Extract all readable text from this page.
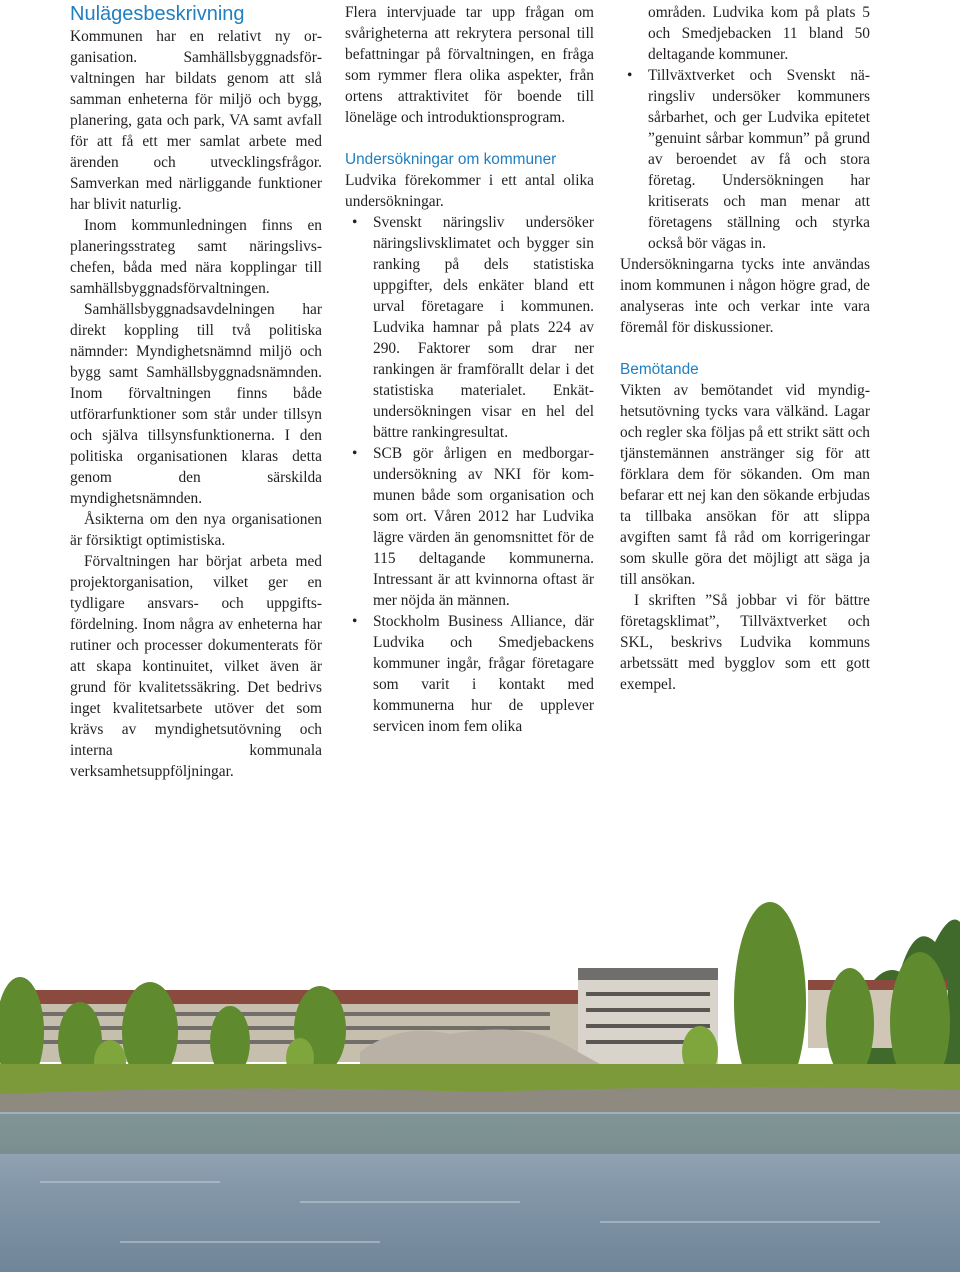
Nulägesbeskrivning

Kommunen har en relativt ny organisation. Samhällsbyggnadsförvaltningen har bildats genom att slå samman enheterna för miljö och bygg, planering, gata och park, VA samt avfall för att få ett mer samlat arbete med ärenden och utvecklingsfrågor. Samverkan med närliggande funktioner har blivit naturlig.

Inom kommunledningen finns en planeringsstrateg samt näringslivschefen, båda med nära kopplingar till samhällsbyggnadsförvaltningen.

Samhällsbyggnadsavdelningen har direkt koppling till två politiska nämnder: Myndighetsnämnd miljö och bygg samt Samhällsbyggnadsnämnden. Inom förvaltningen finns både utförarfunktioner som står under tillsyn och själva tillsynsfunktionerna. I den politiska organisationen klaras detta genom den särskilda myndighetsnämnden.

Åsikterna om den nya organisationen är försiktigt optimistiska.

Förvaltningen har börjat arbeta med projektorganisation, vilket ger en tydligare ansvars- och uppgiftsfördelning. Inom några av enheterna har rutiner och processer dokumenterats för att skapa kontinuitet, vilket även är grund för kvalitetssäkring. Det bedrivs inget kvalitetsarbete utöver det som krävs av myndighetsutövning och interna kommunala verksamhetsuppföljningar.

Flera intervjuade tar upp frågan om svårigheterna att rekrytera personal till befattningar på förvaltningen, en fråga som rymmer flera olika aspekter, från ortens attraktivitet för boende till löneläge och introduktionsprogram.

Undersökningar om kommuner

Ludvika förekommer i ett antal olika undersökningar.

• Svenskt näringsliv undersöker näringslivsklimatet och bygger sin ranking på dels statistiska uppgifter, dels enkäter bland ett urval företagare i kommunen. Ludvika hamnar på plats 224 av 290. Faktorer som drar ner rankingen är framförallt delar i det statistiska materialet. Enkätundersökningen visar en hel del bättre rankingresultat.
• SCB gör årligen en medborgarundersökning av NKI för kommunen både som organisation och som ort. Våren 2012 har Ludvika lägre värden än genomsnittet för de 115 deltagande kommunerna. Intressant är att kvinnorna oftast är mer nöjda än männen.
• Stockholm Business Alliance, där Ludvika och Smedjebackens kommuner ingår, frågar företagare som varit i kontakt med kommunerna hur de upplever servicen inom fem olika
områden. Ludvika kom på plats 5 och Smedjebacken 11 bland 50 deltagande kommuner.
• Tillväxtverket och Svenskt näringsliv undersöker kommuners sårbarhet, och ger Ludvika epitetet ”genuint sårbar kommun” på grund av beroendet av få och stora företag. Undersökningen har kritiserats och man menar att företagens ställning och styrka också bör vägas in.

Undersökningarna tycks inte användas inom kommunen i någon högre grad, de analyseras inte och verkar inte vara föremål för diskussioner.

Bemötande

Vikten av bemötandet vid myndighetsutövning tycks vara välkänd. Lagar och regler ska följas på ett strikt sätt och tjänstemännen anstränger sig för att förklara dem för sökanden. Om man befarar ett nej kan den sökande erbjudas ta tillbaka ansökan för att slippa avgiften samt få råd om korrigeringar som skulle göra det möjligt att säga ja till ansökan.

I skriften ”Så jobbar vi för bättre företagsklimat”, Tillväxtverket och SKL, beskrivs Ludvika kommuns arbetssätt med bygglov som ett gott exempel.
